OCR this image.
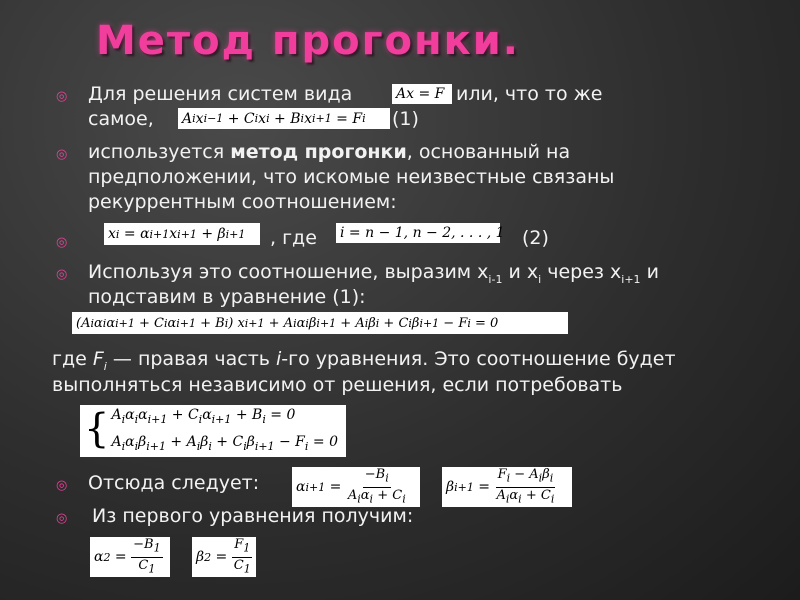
Метод прогонки.
◎ Для решения систем вида	Ax = F или, что то же
самое, A i x i−1 + C i x i + B i x i+1 = F i (1)
◎ используется метод прогонки, основанный на
предположении, что искомые неизвестные связаны
рекуррентным соотношением:
◎
x i = α i+1 x i+1 + β i+1 , где i = n − 1, n − 2, . . . , 1 (2)
◎ Используя это соотношение, выразим $x_{i-1}$ и $x_i$ через $x_{i+1}$ и
подставим в уравнение (1):
(A i α i α i+1 + C i α i+1 + B i ) x i+1 + A i α i β i+1 + A i β i + C i β i+1 − F i = 0
где $F_i$ — правая часть i-го уравнения. Это соотношение будет
выполняться независимо от решения, если потребовать
{ $A_i\alpha_i\alpha_{i+1} + C_i\alpha_{i+1} + B_i = 0$
$A_i\alpha_i\beta_{i+1} + A_i\beta_i + C_i\beta_{i+1} - F_i = 0$
◎ Отсюда следует:	α $i+1 = \frac{-B_i}{A_i\alpha_i + C_i}$	β $i+1 = \frac{F_i - A_i\beta_i}{A_i\alpha_i + C_i}$
◎ Из первого уравнения получим:
α $2 = \frac{-B_1}{C_1}$ β $2 = \frac{F_1}{C_1}$
